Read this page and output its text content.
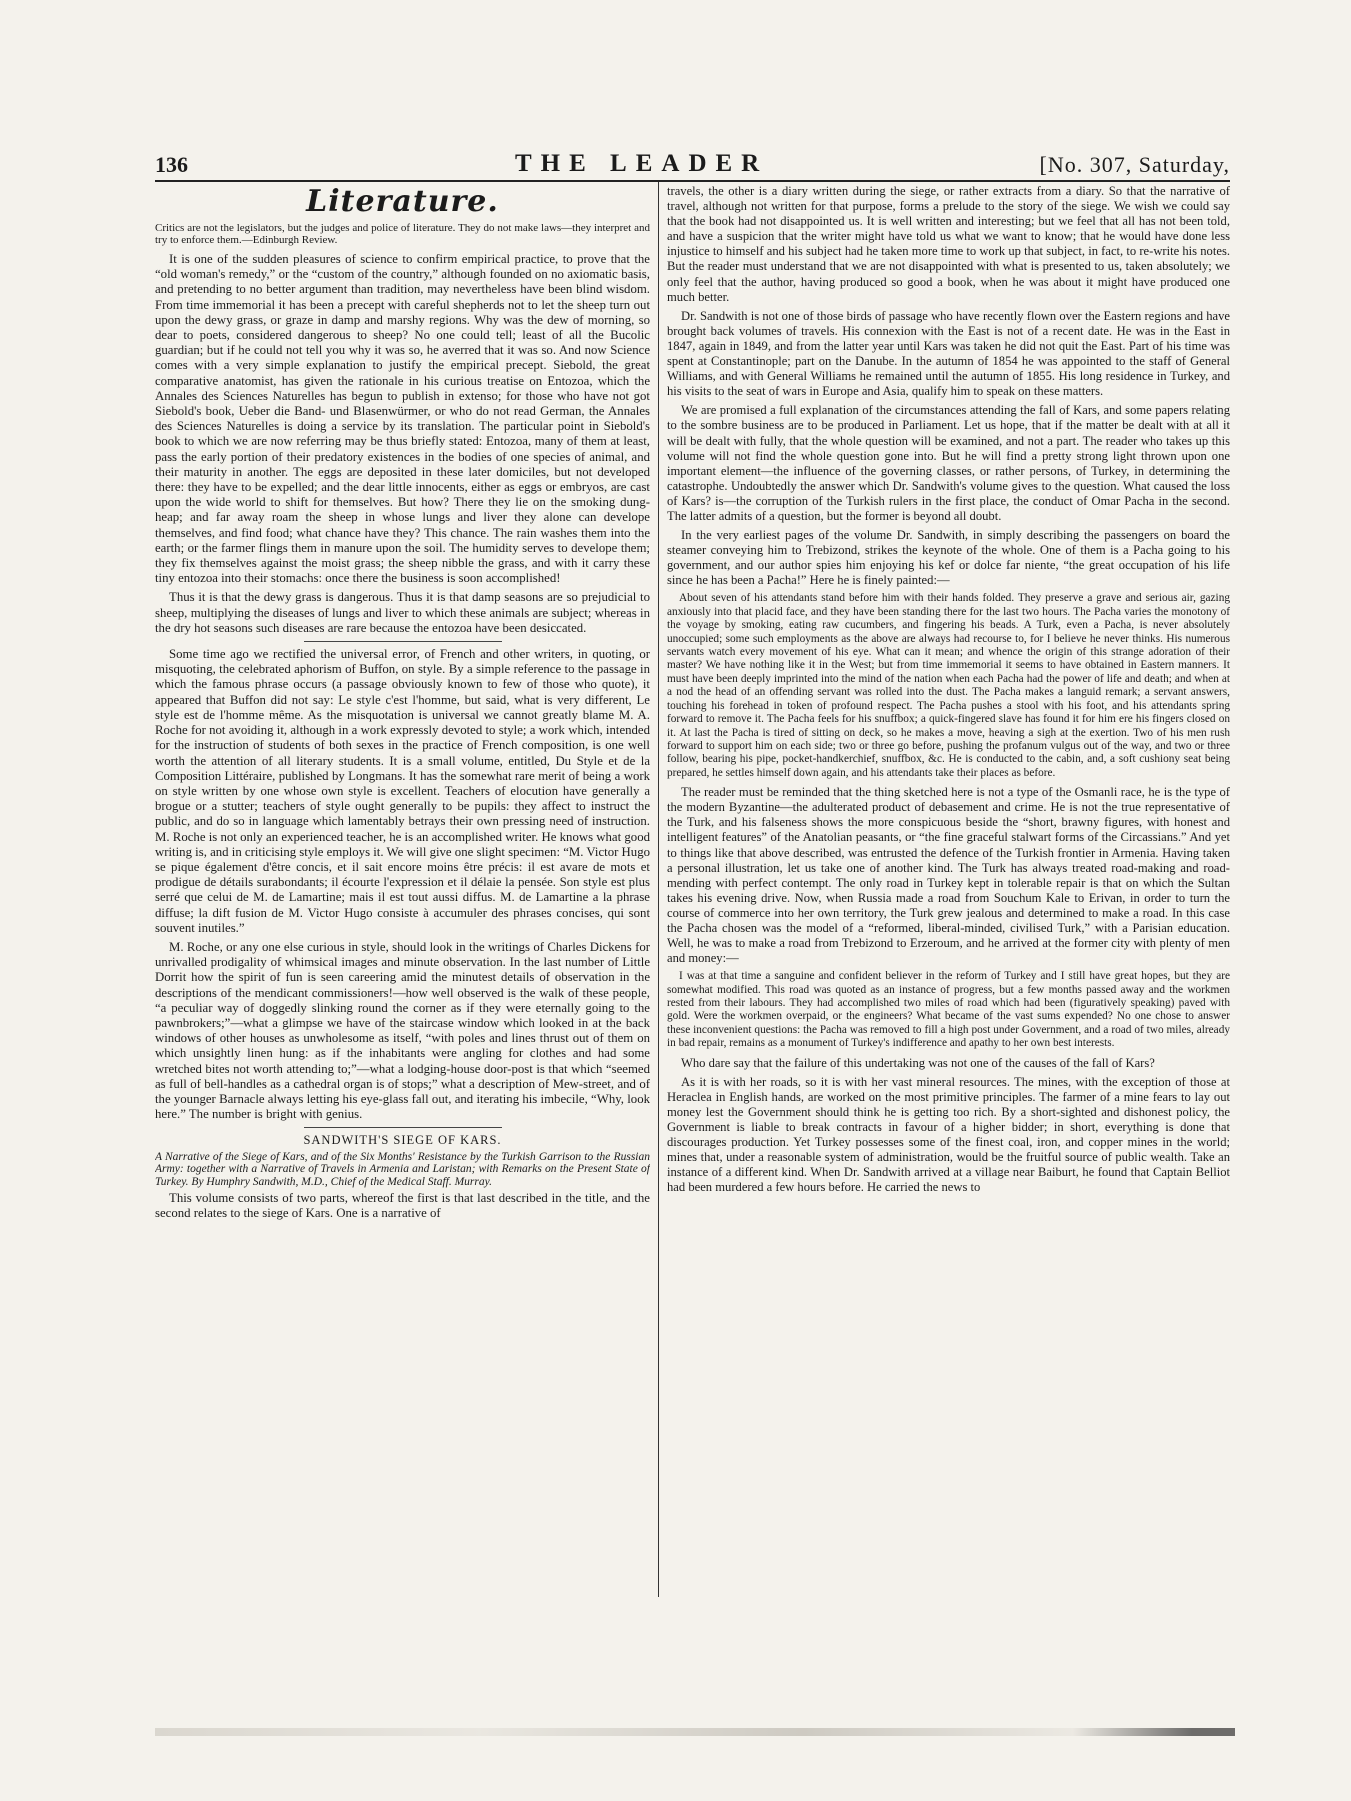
136	THE LEADER	[No. 307, Saturday,
Literature.
Critics are not the legislators, but the judges and police of literature. They do not make laws—they interpret and try to enforce them.—Edinburgh Review.

It is one of the sudden pleasures of science to confirm empirical practice, to prove that the “old woman's remedy,” or the “custom of the country,” although founded on no axiomatic basis, and pretending to no better argument than tradition, may nevertheless have been blind wisdom. From time immemorial it has been a precept with careful shepherds not to let the sheep turn out upon the dewy grass, or graze in damp and marshy regions. Why was the dew of morning, so dear to poets, considered dangerous to sheep? No one could tell; least of all the Bucolic guardian; but if he could not tell you why it was so, he averred that it was so. And now Science comes with a very simple explanation to justify the empirical precept. Siebold, the great comparative anatomist, has given the rationale in his curious treatise on Entozoa, which the Annales des Sciences Naturelles has begun to publish in extenso; for those who have not got Siebold's book, Ueber die Band- und Blasenwürmer, or who do not read German, the Annales des Sciences Naturelles is doing a service by its translation. The particular point in Siebold's book to which we are now referring may be thus briefly stated: Entozoa, many of them at least, pass the early portion of their predatory existences in the bodies of one species of animal, and their maturity in another. The eggs are deposited in these later domiciles, but not developed there: they have to be expelled; and the dear little innocents, either as eggs or embryos, are cast upon the wide world to shift for themselves. But how? There they lie on the smoking dung-heap; and far away roam the sheep in whose lungs and liver they alone can develope themselves, and find food; what chance have they? This chance. The rain washes them into the earth; or the farmer flings them in manure upon the soil. The humidity serves to develope them; they fix themselves against the moist grass; the sheep nibble the grass, and with it carry these tiny entozoa into their stomachs: once there the business is soon accomplished!

Thus it is that the dewy grass is dangerous. Thus it is that damp seasons are so prejudicial to sheep, multiplying the diseases of lungs and liver to which these animals are subject; whereas in the dry hot seasons such diseases are rare because the entozoa have been desiccated.

Some time ago we rectified the universal error, of French and other writers, in quoting, or misquoting, the celebrated aphorism of Buffon, on style. By a simple reference to the passage in which the famous phrase occurs (a passage obviously known to few of those who quote), it appeared that Buffon did not say: Le style c'est l'homme, but said, what is very different, Le style est de l'homme même. As the misquotation is universal we cannot greatly blame M. A. Roche for not avoiding it, although in a work expressly devoted to style; a work which, intended for the instruction of students of both sexes in the practice of French composition, is one well worth the attention of all literary students. It is a small volume, entitled, Du Style et de la Composition Littéraire, published by Longmans. It has the somewhat rare merit of being a work on style written by one whose own style is excellent. Teachers of elocution have generally a brogue or a stutter; teachers of style ought generally to be pupils: they affect to instruct the public, and do so in language which lamentably betrays their own pressing need of instruction. M. Roche is not only an experienced teacher, he is an accomplished writer. He knows what good writing is, and in criticising style employs it. We will give one slight specimen: “M. Victor Hugo se pique également d'être concis, et il sait encore moins être précis: il est avare de mots et prodigue de détails surabondants; il écourte l'expression et il délaie la pensée. Son style est plus serré que celui de M. de Lamartine; mais il est tout aussi diffus. M. de Lamartine a la phrase diffuse; la dift fusion de M. Victor Hugo consiste à accumuler des phrases concises, qui sont souvent inutiles.”

M. Roche, or any one else curious in style, should look in the writings of Charles Dickens for unrivalled prodigality of whimsical images and minute observation. In the last number of Little Dorrit how the spirit of fun is seen careering amid the minutest details of observation in the descriptions of the mendicant commissioners!—how well observed is the walk of these people, “a peculiar way of doggedly slinking round the corner as if they were eternally going to the pawnbrokers;”—what a glimpse we have of the staircase window which looked in at the back windows of other houses as unwholesome as itself, “with poles and lines thrust out of them on which unsightly linen hung: as if the inhabitants were angling for clothes and had some wretched bites not worth attending to;”—what a lodging-house door-post is that which “seemed as full of bell-handles as a cathedral organ is of stops;” what a description of Mew-street, and of the younger Barnacle always letting his eye-glass fall out, and iterating his imbecile, “Why, look here.” The number is bright with genius.

SANDWITH'S SIEGE OF KARS.
A Narrative of the Siege of Kars, and of the Six Months' Resistance by the Turkish Garrison to the Russian Army: together with a Narrative of Travels in Armenia and Laristan; with Remarks on the Present State of Turkey. By Humphry Sandwith, M.D., Chief of the Medical Staff. Murray.

This volume consists of two parts, whereof the first is that last described in the title, and the second relates to the siege of Kars. One is a narrative of

travels, the other is a diary written during the siege, or rather extracts from a diary. So that the narrative of travel, although not written for that purpose, forms a prelude to the story of the siege. We wish we could say that the book had not disappointed us. It is well written and interesting; but we feel that all has not been told, and have a suspicion that the writer might have told us what we want to know; that he would have done less injustice to himself and his subject had he taken more time to work up that subject, in fact, to re-write his notes. But the reader must understand that we are not disappointed with what is presented to us, taken absolutely; we only feel that the author, having produced so good a book, when he was about it might have produced one much better.

Dr. Sandwith is not one of those birds of passage who have recently flown over the Eastern regions and have brought back volumes of travels. His connexion with the East is not of a recent date. He was in the East in 1847, again in 1849, and from the latter year until Kars was taken he did not quit the East. Part of his time was spent at Constantinople; part on the Danube. In the autumn of 1854 he was appointed to the staff of General Williams, and with General Williams he remained until the autumn of 1855. His long residence in Turkey, and his visits to the seat of wars in Europe and Asia, qualify him to speak on these matters.

We are promised a full explanation of the circumstances attending the fall of Kars, and some papers relating to the sombre business are to be produced in Parliament. Let us hope, that if the matter be dealt with at all it will be dealt with fully, that the whole question will be examined, and not a part. The reader who takes up this volume will not find the whole question gone into. But he will find a pretty strong light thrown upon one important element—the influence of the governing classes, or rather persons, of Turkey, in determining the catastrophe. Undoubtedly the answer which Dr. Sandwith's volume gives to the question. What caused the loss of Kars? is—the corruption of the Turkish rulers in the first place, the conduct of Omar Pacha in the second. The latter admits of a question, but the former is beyond all doubt.

In the very earliest pages of the volume Dr. Sandwith, in simply describing the passengers on board the steamer conveying him to Trebizond, strikes the keynote of the whole. One of them is a Pacha going to his government, and our author spies him enjoying his kef or dolce far niente, “the great occupation of his life since he has been a Pacha!” Here he is finely painted:—

About seven of his attendants stand before him with their hands folded. They preserve a grave and serious air, gazing anxiously into that placid face, and they have been standing there for the last two hours. The Pacha varies the monotony of the voyage by smoking, eating raw cucumbers, and fingering his beads. A Turk, even a Pacha, is never absolutely unoccupied; some such employments as the above are always had recourse to, for I believe he never thinks. His numerous servants watch every movement of his eye. What can it mean; and whence the origin of this strange adoration of their master? We have nothing like it in the West; but from time immemorial it seems to have obtained in Eastern manners. It must have been deeply imprinted into the mind of the nation when each Pacha had the power of life and death; and when at a nod the head of an offending servant was rolled into the dust. The Pacha makes a languid remark; a servant answers, touching his forehead in token of profound respect. The Pacha pushes a stool with his foot, and his attendants spring forward to remove it. The Pacha feels for his snuffbox; a quick-fingered slave has found it for him ere his fingers closed on it. At last the Pacha is tired of sitting on deck, so he makes a move, heaving a sigh at the exertion. Two of his men rush forward to support him on each side; two or three go before, pushing the profanum vulgus out of the way, and two or three follow, bearing his pipe, pocket-handkerchief, snuffbox, &c. He is conducted to the cabin, and, a soft cushiony seat being prepared, he settles himself down again, and his attendants take their places as before.

The reader must be reminded that the thing sketched here is not a type of the Osmanli race, he is the type of the modern Byzantine—the adulterated product of debasement and crime. He is not the true representative of the Turk, and his falseness shows the more conspicuous beside the “short, brawny figures, with honest and intelligent features” of the Anatolian peasants, or “the fine graceful stalwart forms of the Circassians.” And yet to things like that above described, was entrusted the defence of the Turkish frontier in Armenia. Having taken a personal illustration, let us take one of another kind. The Turk has always treated road-making and road-mending with perfect contempt. The only road in Turkey kept in tolerable repair is that on which the Sultan takes his evening drive. Now, when Russia made a road from Souchum Kale to Erivan, in order to turn the course of commerce into her own territory, the Turk grew jealous and determined to make a road. In this case the Pacha chosen was the model of a “reformed, liberal-minded, civilised Turk,” with a Parisian education. Well, he was to make a road from Trebizond to Erzeroum, and he arrived at the former city with plenty of men and money:—

I was at that time a sanguine and confident believer in the reform of Turkey and I still have great hopes, but they are somewhat modified. This road was quoted as an instance of progress, but a few months passed away and the workmen rested from their labours. They had accomplished two miles of road which had been (figuratively speaking) paved with gold. Were the workmen overpaid, or the engineers? What became of the vast sums expended? No one chose to answer these inconvenient questions: the Pacha was removed to fill a high post under Government, and a road of two miles, already in bad repair, remains as a monument of Turkey's indifference and apathy to her own best interests.

Who dare say that the failure of this undertaking was not one of the causes of the fall of Kars?

As it is with her roads, so it is with her vast mineral resources. The mines, with the exception of those at Heraclea in English hands, are worked on the most primitive principles. The farmer of a mine fears to lay out money lest the Government should think he is getting too rich. By a short-sighted and dishonest policy, the Government is liable to break contracts in favour of a higher bidder; in short, everything is done that discourages production. Yet Turkey possesses some of the finest coal, iron, and copper mines in the world; mines that, under a reasonable system of administration, would be the fruitful source of public wealth. Take an instance of a different kind. When Dr. Sandwith arrived at a village near Baiburt, he found that Captain Belliot had been murdered a few hours before. He carried the news to
